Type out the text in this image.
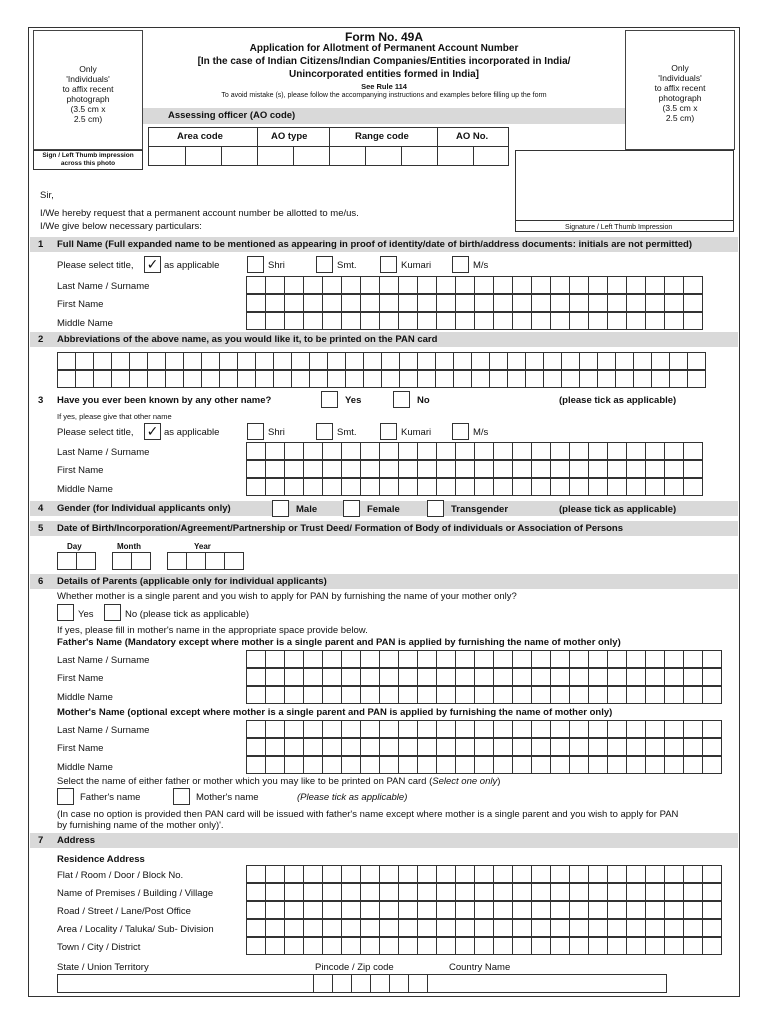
Only
'Individuals'
to affix recent
photograph
(3.5 cm x
2.5 cm)
Sign / Left Thumb impression
across this photo
Only
'Individuals'
to affix recent
photograph
(3.5 cm x
2.5 cm)
Form No. 49A
Application for Allotment of Permanent Account Number
[In the case of Indian Citizens/Indian Companies/Entities incorporated in India/
Unincorporated entities formed in India]
See Rule 114
To avoid mistake (s), please follow the accompanying instructions and examples before filling up the form
Assessing officer (AO code)
Area code	AO type	Range code	AO No.
Signature / Left Thumb Impression
Sir,
I/We hereby request that a permanent account number be allotted to me/us.
I/We give below necessary particulars:
1 Full Name (Full expanded name to be mentioned as appearing in proof of identity/date of birth/address documents: initials are not permitted)
Please select title, ✓ as applicable	Shri	Smt.	Kumari	M/s
Last Name / Surname
First Name
Middle Name
2 Abbreviations of the above name, as you would like it, to be printed on the PAN card
3 Have you ever been known by any other name?	Yes	No	(please tick as applicable)
If yes, please give that other name
Please select title, ✓ as applicable	Shri	Smt.	Kumari	M/s
Last Name / Surname
First Name
Middle Name
4 Gender (for Individual applicants only)	Male	Female	Transgender	(please tick as applicable)
5 Date of Birth/Incorporation/Agreement/Partnership or Trust Deed/ Formation of Body of individuals or Association of Persons
Day	Month	Year
6 Details of Parents (applicable only for individual applicants)
Whether mother is a single parent and you wish to apply for PAN by furnishing the name of your mother only?
Yes	No (please tick as applicable)
If yes, please fill in mother's name in the appropriate space provide below.
Father's Name (Mandatory except where mother is a single parent and PAN is applied by furnishing the name of mother only)
Last Name / Surname
First Name
Middle Name
Mother's Name (optional except where mother is a single parent and PAN is applied by furnishing the name of mother only)
Last Name / Surname
First Name
Middle Name
Select the name of either father or mother which you may like to be printed on PAN card (Select one only)
Father's name	Mother's name	(Please tick as applicable)
(In case no option is provided then PAN card will be issued with father's name except where mother is a single parent and you wish to apply for PAN
by furnishing name of the mother only)'.
7 Address
Residence Address
Flat / Room / Door / Block No.
Name of Premises / Building / Village
Road / Street / Lane/Post Office
Area / Locality / Taluka/ Sub- Division
Town / City / District
State / Union Territory	Pincode / Zip code	Country Name
